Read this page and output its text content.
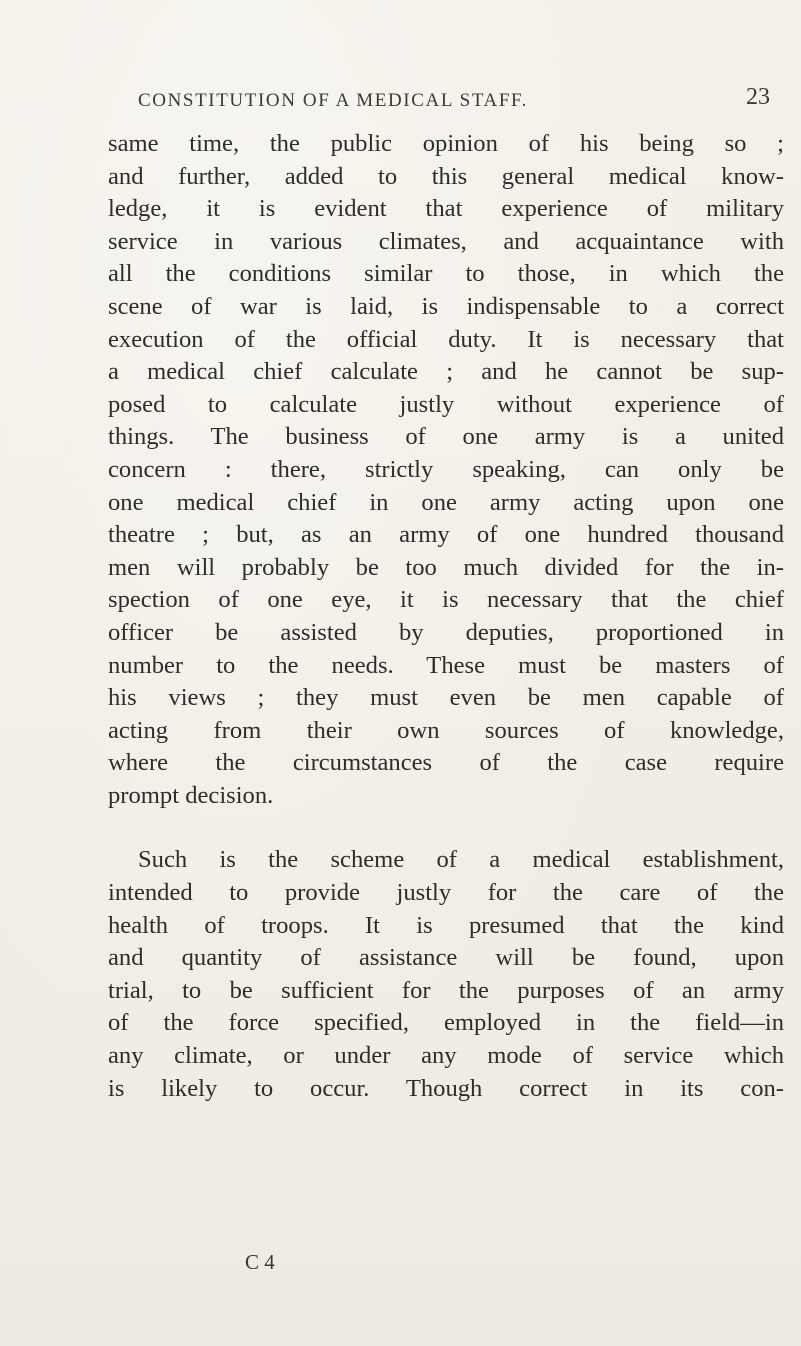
CONSTITUTION OF A MEDICAL STAFF.	23
same time, the public opinion of his being so ;
and further, added to this general medical know-
ledge, it is evident that experience of military
service in various climates, and acquaintance with
all the conditions similar to those, in which the
scene of war is laid, is indispensable to a correct
execution of the official duty. It is necessary that
a medical chief calculate ; and he cannot be sup-
posed to calculate justly without experience of
things. The business of one army is a united
concern : there, strictly speaking, can only be
one medical chief in one army acting upon one
theatre ; but, as an army of one hundred thousand
men will probably be too much divided for the in-
spection of one eye, it is necessary that the chief
officer be assisted by deputies, proportioned in
number to the needs. These must be masters of
his views ; they must even be men capable of
acting from their own sources of knowledge,
where the circumstances of the case require
prompt decision.
Such is the scheme of a medical establishment,
intended to provide justly for the care of the
health of troops. It is presumed that the kind
and quantity of assistance will be found, upon
trial, to be sufficient for the purposes of an army
of the force specified, employed in the field—in
any climate, or under any mode of service which
is likely to occur. Though correct in its con-
C 4
